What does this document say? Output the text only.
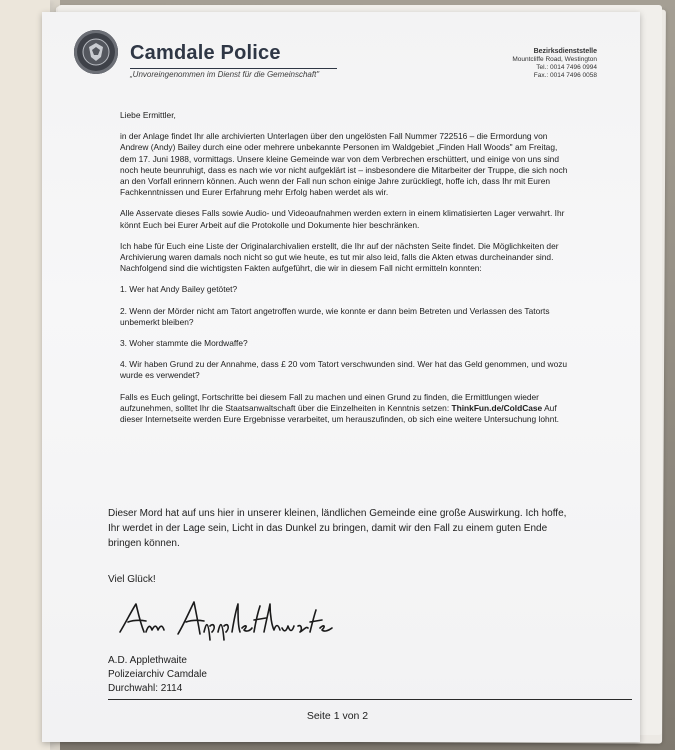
Camdale Police
„Unvoreingenommen im Dienst für die Gemeinschaft"
Bezirksdienststelle
Mountcliffe Road, Westington
Tel.: 0014 7496 0994
Fax.: 0014 7496 0058

Liebe Ermittler,

in der Anlage findet Ihr alle archivierten Unterlagen über den ungelösten Fall Nummer 722516 – die Ermordung von Andrew (Andy) Bailey durch eine oder mehrere unbekannte Personen im Waldgebiet „Finden Hall Woods" am Freitag, dem 17. Juni 1988, vormittags. Unsere kleine Gemeinde war von dem Verbrechen erschüttert, und einige von uns sind noch heute beunruhigt, dass es nach wie vor nicht aufgeklärt ist – insbesondere die Mitarbeiter der Truppe, die sich noch an den Vorfall erinnern können. Auch wenn der Fall nun schon einige Jahre zurückliegt, hoffe ich, dass Ihr mit Euren Fachkenntnissen und Eurer Erfahrung mehr Erfolg haben werdet als wir.

Alle Asservate dieses Falls sowie Audio- und Videoaufnahmen werden extern in einem klimatisierten Lager verwahrt. Ihr könnt Euch bei Eurer Arbeit auf die Protokolle und Dokumente hier beschränken.

Ich habe für Euch eine Liste der Originalarchivalien erstellt, die Ihr auf der nächsten Seite findet. Die Möglichkeiten der Archivierung waren damals noch nicht so gut wie heute, es tut mir also leid, falls die Akten etwas durcheinander sind. Nachfolgend sind die wichtigsten Fakten aufgeführt, die wir in diesem Fall nicht ermitteln konnten:

1. Wer hat Andy Bailey getötet?

2. Wenn der Mörder nicht am Tatort angetroffen wurde, wie konnte er dann beim Betreten und Verlassen des Tatorts unbemerkt bleiben?

3. Woher stammte die Mordwaffe?

4. Wir haben Grund zu der Annahme, dass £ 20 vom Tatort verschwunden sind. Wer hat das Geld genommen, und wozu wurde es verwendet?

Falls es Euch gelingt, Fortschritte bei diesem Fall zu machen und einen Grund zu finden, die Ermittlungen wieder aufzunehmen, solltet Ihr die Staatsanwaltschaft über die Einzelheiten in Kenntnis setzen: ThinkFun.de/ColdCase Auf dieser Internetseite werden Eure Ergebnisse verarbeitet, um herauszufinden, ob sich eine weitere Untersuchung lohnt.

Dieser Mord hat auf uns hier in unserer kleinen, ländlichen Gemeinde eine große Auswirkung. Ich hoffe, Ihr werdet in der Lage sein, Licht in das Dunkel zu bringen, damit wir den Fall zu einem guten Ende bringen können.

Viel Glück!
A.D. Applethwaite
Polizeiarchiv Camdale
Durchwahl: 2114
Seite 1 von 2
